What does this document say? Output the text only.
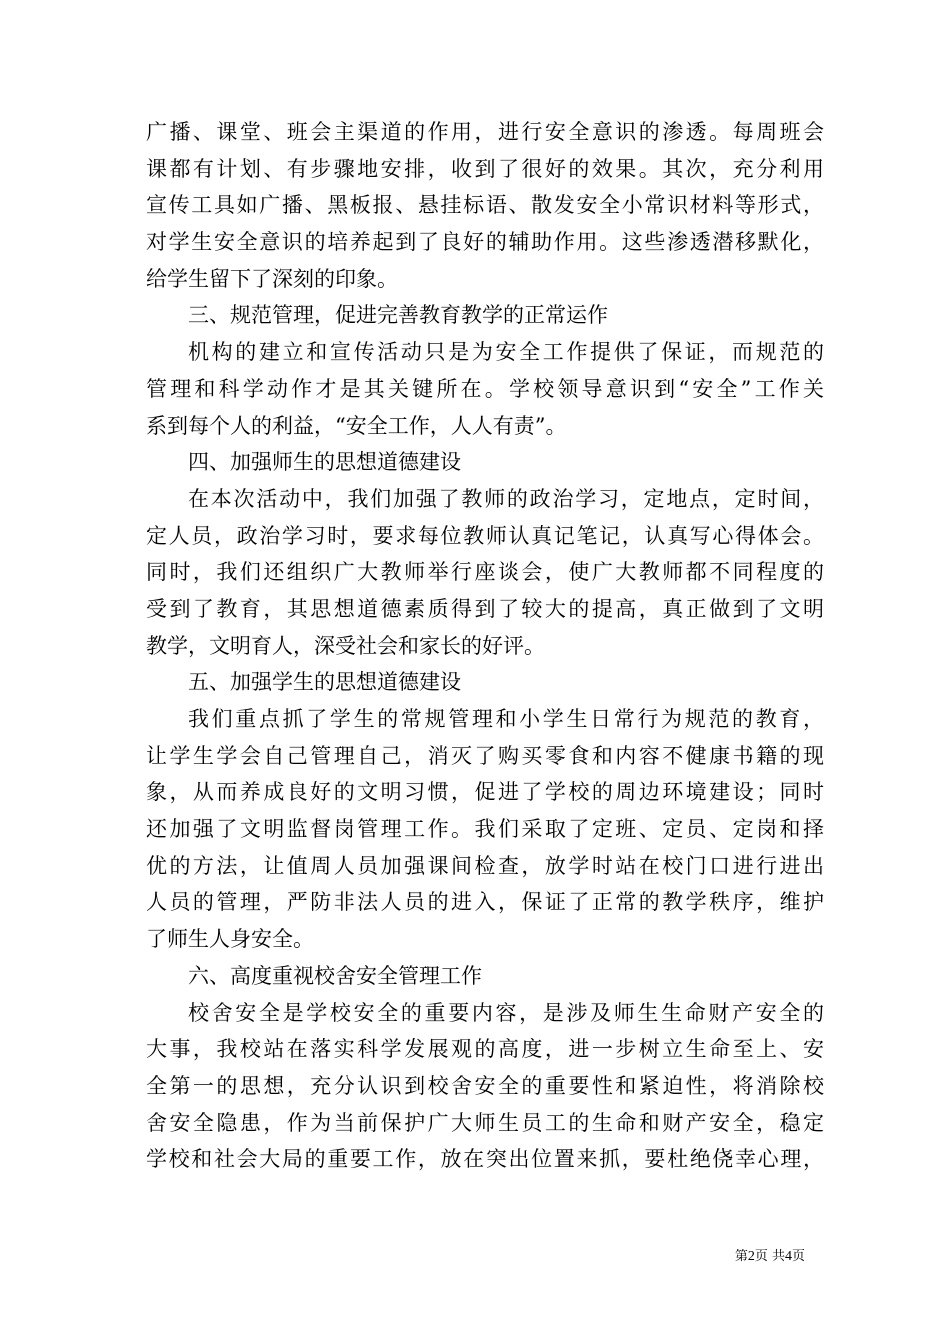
广播、课堂、班会主渠道的作用，进行安全意识的渗透。每周班会
课都有计划、有步骤地安排，收到了很好的效果。其次，充分利用
宣传工具如广播、黑板报、悬挂标语、散发安全小常识材料等形式，
对学生安全意识的培养起到了良好的辅助作用。这些渗透潜移默化，
给学生留下了深刻的印象。
三、规范管理，促进完善教育教学的正常运作
机构的建立和宣传活动只是为安全工作提供了保证，而规范的
管理和科学动作才是其关键所在。学校领导意识到“安全”工作关
系到每个人的利益，“安全工作，人人有责”。
四、加强师生的思想道德建设
在本次活动中，我们加强了教师的政治学习，定地点，定时间，
定人员，政治学习时，要求每位教师认真记笔记，认真写心得体会。
同时，我们还组织广大教师举行座谈会，使广大教师都不同程度的
受到了教育，其思想道德素质得到了较大的提高，真正做到了文明
教学，文明育人，深受社会和家长的好评。
五、加强学生的思想道德建设
我们重点抓了学生的常规管理和小学生日常行为规范的教育，
让学生学会自己管理自己，消灭了购买零食和内容不健康书籍的现
象，从而养成良好的文明习惯，促进了学校的周边环境建设；同时
还加强了文明监督岗管理工作。我们采取了定班、定员、定岗和择
优的方法，让值周人员加强课间检查，放学时站在校门口进行进出
人员的管理，严防非法人员的进入，保证了正常的教学秩序，维护
了师生人身安全。
六、高度重视校舍安全管理工作
校舍安全是学校安全的重要内容，是涉及师生生命财产安全的
大事，我校站在落实科学发展观的高度，进一步树立生命至上、安
全第一的思想，充分认识到校舍安全的重要性和紧迫性，将消除校
舍安全隐患，作为当前保护广大师生员工的生命和财产安全，稳定
学校和社会大局的重要工作，放在突出位置来抓，要杜绝侥幸心理，
第2页 共4页
